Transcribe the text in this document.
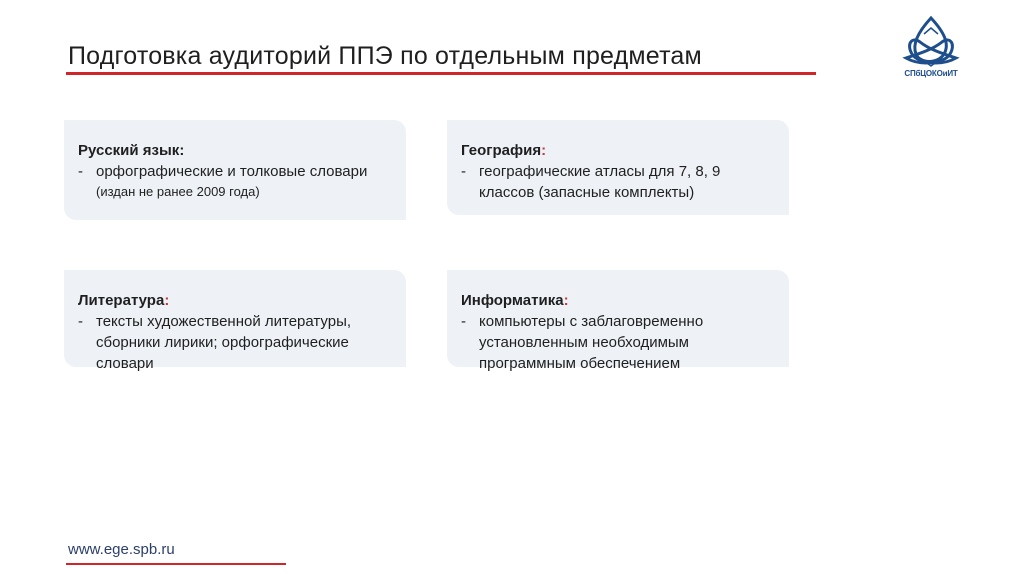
Подготовка аудиторий ППЭ по отдельным предметам
СПбЦОКОиИТ
Русский язык:
- орфографические и толковые словари
(издан не ранее 2009 года)
География:
- географические атласы для 7, 8, 9 классов (запасные комплекты)
Литература:
- тексты художественной литературы, сборники лирики; орфографические словари
Информатика:
- компьютеры с заблаговременно установленным необходимым программным обеспечением
www.ege.spb.ru
